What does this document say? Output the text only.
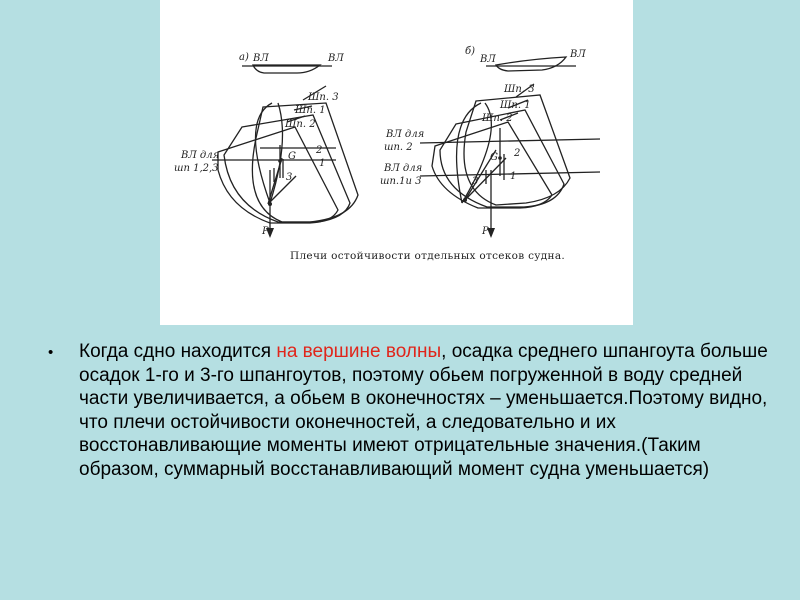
а) ВЛ	ВЛ
Шп. 3
Шп. 1
Шп. 2
ВЛ для
шп 1,2,3
G
2
1
3
P
б)
ВЛ	ВЛ
Шп. 3
Шп. 1
Шп. 2
ВЛ для
шп. 2
ВЛ для
шп.1и 3
G 2
1
3
P
Плечи остойчивости отдельных отсеков судна.
• Когда сдно находится на вершине волны, осадка среднего шпангоута больше осадок 1-го и 3-го шпангоутов, поэтому обьем погруженной в воду средней части увеличивается, а обьем в оконечностях – уменьшается.Поэтому видно, что плечи остойчивости оконечностей, а следовательно и их восстонавливающие моменты имеют отрицательные значения.(Таким образом, суммарный восстанавливающий момент судна уменьшается)
